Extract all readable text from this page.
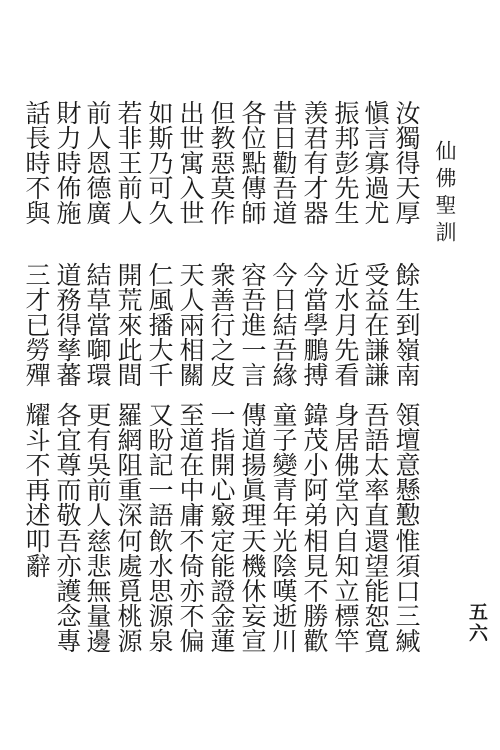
仙佛聖訓
五六
汝獨得天厚
餘生到嶺南
領壇意懸懃
惟須口三緘
愼言寡過尤
受益在謙謙
吾語太率直
還望能恕寬
振邦彭先生
近水月先看
身居佛堂內
自知立標竿
羡君有才器
今當學鵬搏
鍏茂小阿弟
相見不勝歡
昔日勸吾道
今日結吾緣
童子變青年
光陰嘆逝川
各位點傳師
容吾進一言
傳道揚眞理
天機休妄宣
但教惡莫作
衆善行之皮
一指開心竅
定能證金蓮
出世寓入世
天人兩相關
至道在中庸
不倚亦不偏
如斯乃可久
仁風播大千
又盼記一語
飲水思源泉
若非王前人
開荒來此間
羅網阻重深
何處覓桃源
前人恩德廣
結草當啣環
更有吳前人
慈悲無量邊
財力時佈施
道務得孳蕃
各宜尊而敬
吾亦護念專
話長時不與
三才已勞殫
耀斗不再述
叩辭
